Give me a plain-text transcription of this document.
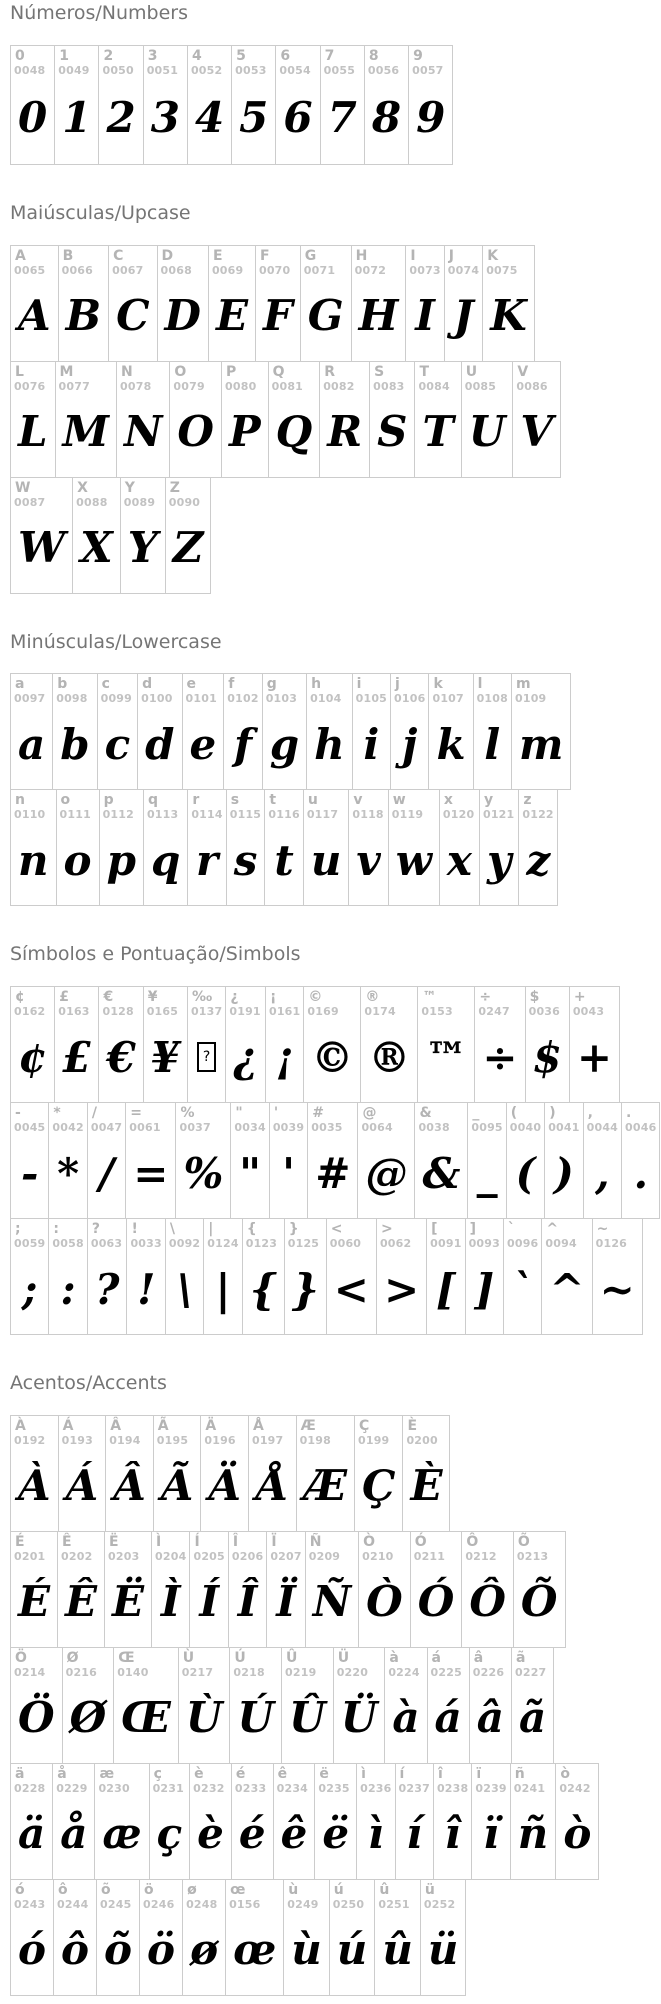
Números/Numbers
0
0048
0
1
0049
1
2
0050
2
3
0051
3
4
0052
4
5
0053
5
6
0054
6
7
0055
7
8
0056
8
9
0057
9
Maiúsculas/Upcase
A
0065
A
B
0066
B
C
0067
C
D
0068
D
E
0069
E
F
0070
F
G
0071
G
H
0072
H
I
0073
I
J
0074
J
K
0075
K
L
0076
L
M
0077
M
N
0078
N
O
0079
O
P
0080
P
Q
0081
Q
R
0082
R
S
0083
S
T
0084
T
U
0085
U
V
0086
V
W
0087
W
X
0088
X
Y
0089
Y
Z
0090
Z
Minúsculas/Lowercase
a
0097
a
b
0098
b
c
0099
c
d
0100
d
e
0101
e
f
0102
f
g
0103
g
h
0104
h
i
0105
i
j
0106
j
k
0107
k
l
0108
l
m
0109
m
n
0110
n
o
0111
o
p
0112
p
q
0113
q
r
0114
r
s
0115
s
t
0116
t
u
0117
u
v
0118
v
w
0119
w
x
0120
x
y
0121
y
z
0122
z
Símbolos e Pontuação/Simbols
¢
0162
¢
£
0163
£
€
0128
€
¥
0165
¥
‰
0137
?
¿
0191
¿
¡
0161
¡
©
0169
©
®
0174
®
™
0153
™
÷
0247
÷
$
0036
$
+
0043
+
-
0045
-
*
0042
*
/
0047
/
=
0061
=
%
0037
%
"
0034
"
'
0039
'
#
0035
#
@
0064
@
&
0038
&
_
0095
_
(
0040
(
)
0041
)
,
0044
,
.
0046
.
;
0059
;
:
0058
:
?
0063
?
!
0033
!
\
0092
\
|
0124
|
{
0123
{
}
0125
}
<
0060
<
>
0062
>
[
0091
[
]
0093
]
`
0096
`
^
0094
^
~
0126
~
Acentos/Accents
À
0192
À
Á
0193
Á
Â
0194
Â
Ã
0195
Ã
Ä
0196
Ä
Å
0197
Å
Æ
0198
Æ
Ç
0199
Ç
È
0200
È
É
0201
É
Ê
0202
Ê
Ë
0203
Ë
Ì
0204
Ì
Í
0205
Í
Î
0206
Î
Ï
0207
Ï
Ñ
0209
Ñ
Ò
0210
Ò
Ó
0211
Ó
Ô
0212
Ô
Õ
0213
Õ
Ö
0214
Ö
Ø
0216
Ø
Œ
0140
Œ
Ù
0217
Ù
Ú
0218
Ú
Û
0219
Û
Ü
0220
Ü
à
0224
à
á
0225
á
â
0226
â
ã
0227
ã
ä
0228
ä
å
0229
å
æ
0230
æ
ç
0231
ç
è
0232
è
é
0233
é
ê
0234
ê
ë
0235
ë
ì
0236
ì
í
0237
í
î
0238
î
ï
0239
ï
ñ
0241
ñ
ò
0242
ò
ó
0243
ó
ô
0244
ô
õ
0245
õ
ö
0246
ö
ø
0248
ø
œ
0156
œ
ù
0249
ù
ú
0250
ú
û
0251
û
ü
0252
ü
